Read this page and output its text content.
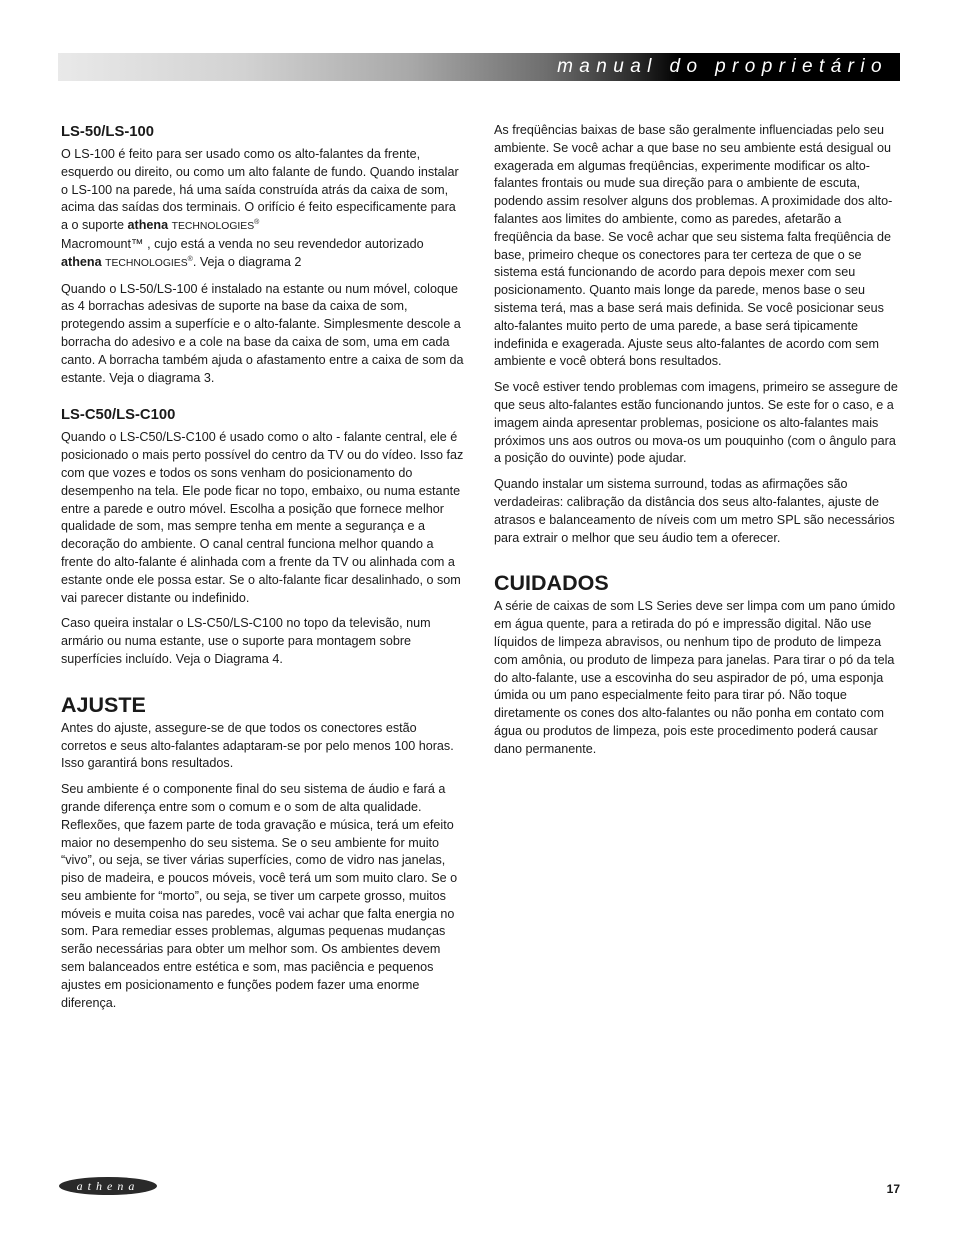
manual do proprietário
LS-50/LS-100

O LS-100 é feito para ser usado como os alto-falantes da frente, esquerdo ou direito, ou como um alto falante de fundo. Quando instalar o LS-100 na parede, há uma saída construída atrás da caixa de som, acima das saídas dos terminais. O orifício é feito especificamente para a o suporte athena TECHNOLOGIES®
Macromount™ , cujo está a venda no seu revendedor autorizado athena TECHNOLOGIES®. Veja o diagrama 2

Quando o LS-50/LS-100 é instalado na estante ou num móvel, coloque as 4 borrachas adesivas de suporte na base da caixa de som, protegendo assim a superfície e o alto-falante. Simplesmente descole a borracha do adesivo e a cole na base da caixa de som, uma em cada canto. A borracha também ajuda o afastamento entre a caixa de som da estante. Veja o diagrama 3.

LS-C50/LS-C100

Quando o LS-C50/LS-C100 é usado como o alto - falante central, ele é posicionado o mais perto possível do centro da TV ou do vídeo. Isso faz com que vozes e todos os sons venham do posicionamento do desempenho na tela. Ele pode ficar no topo, embaixo, ou numa estante entre a parede e outro móvel. Escolha a posição que fornece melhor qualidade de som, mas sempre tenha em mente a segurança e a decoração do ambiente. O canal central funciona melhor quando a frente do alto-falante é alinhada com a frente da TV ou alinhada com a estante onde ele possa estar. Se o alto-falante ficar desalinhado, o som vai parecer distante ou indefinido.

Caso queira instalar o LS-C50/LS-C100 no topo da televisão, num armário ou numa estante, use o suporte para montagem sobre superfícies incluído. Veja o Diagrama 4.

AJUSTE

Antes do ajuste, assegure-se de que todos os conectores estão corretos e seus alto-falantes adaptaram-se por pelo menos 100 horas. Isso garantirá bons resultados.

Seu ambiente é o componente final do seu sistema de áudio e fará a grande diferença entre som o comum e o som de alta qualidade. Reflexões, que fazem parte de toda gravação e música, terá um efeito maior no desempenho do seu sistema. Se o seu ambiente for muito “vivo”, ou seja, se tiver várias superfícies, como de vidro nas janelas, piso de madeira, e poucos móveis, você terá um som muito claro. Se o seu ambiente for “morto”, ou seja, se tiver um carpete grosso, muitos móveis e muita coisa nas paredes, você vai achar que falta energia no som. Para remediar esses problemas, algumas pequenas mudanças serão necessárias para obter um melhor som. Os ambientes devem sem balanceados entre estética e som, mas paciência e pequenos ajustes em posicionamento e funções podem fazer uma enorme diferença.

As freqüências baixas de base são geralmente influenciadas pelo seu ambiente. Se você achar a que base no seu ambiente está desigual ou exagerada em algumas freqüências, experimente modificar os alto-falantes frontais ou mude sua direção para o ambiente de escuta, podendo assim resolver alguns dos problemas. A proximidade dos alto-falantes aos limites do ambiente, como as paredes, afetarão a freqüência da base. Se você achar que seu sistema falta freqüência de base, primeiro cheque os conectores para ter certeza de que o se sistema está funcionando de acordo para depois mexer com seu posicionamento. Quanto mais longe da parede, menos base o seu sistema terá, mas a base será mais definida. Se você posicionar seus alto-falantes muito perto de uma parede, a base será tipicamente indefinida e exagerada. Ajuste seus alto-falantes de acordo com sem ambiente e você obterá bons resultados.

Se você estiver tendo problemas com imagens, primeiro se assegure de que seus alto-falantes estão funcionando juntos. Se este for o caso, e a imagem ainda apresentar problemas, posicione os alto-falantes mais próximos uns aos outros ou mova-os um pouquinho (com o ângulo para a posição do ouvinte) pode ajudar.

Quando instalar um sistema surround, todas as afirmações são verdadeiras: calibração da distância dos seus alto-falantes, ajuste de atrasos e balanceamento de níveis com um metro SPL são necessários para extrair o melhor que seu áudio tem a oferecer.

CUIDADOS

A série de caixas de som LS Series deve ser limpa com um pano úmido em água quente, para a retirada do pó e impressão digital. Não use líquidos de limpeza abravisos, ou nenhum tipo de produto de limpeza com amônia, ou produto de limpeza para janelas. Para tirar o pó da tela do alto-falante, use a escovinha do seu aspirador de pó, uma esponja úmida ou um pano especialmente feito para tirar pó. Não toque diretamente os cones dos alto-falantes ou não ponha em contato com água ou produtos de limpeza, pois este procedimento poderá causar dano permanente.

athena	17
